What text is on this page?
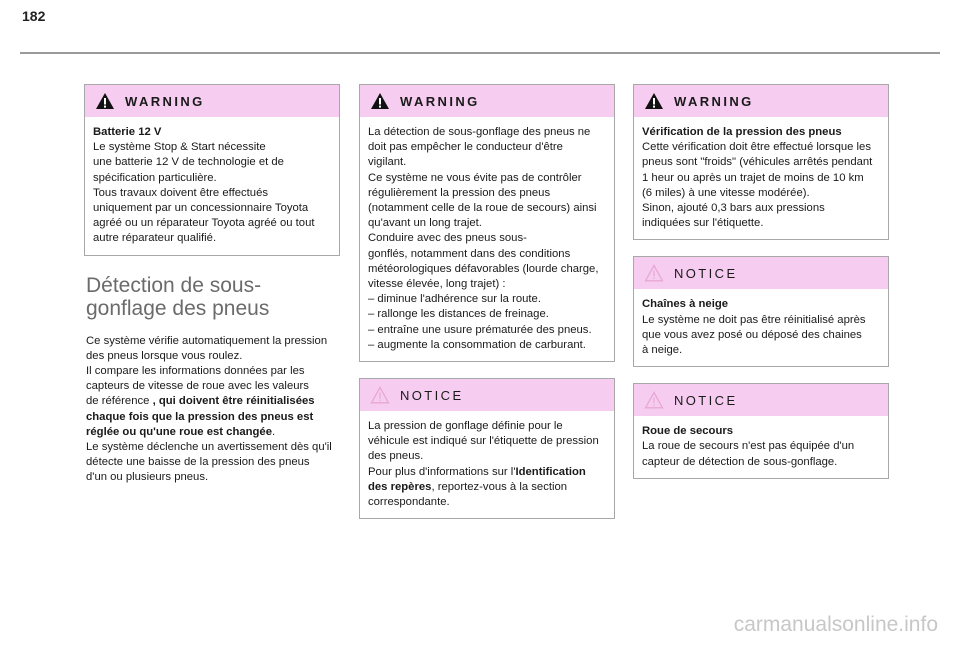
182
WARNING

Batterie 12 V

Le système Stop & Start nécessite

une batterie 12 V de technologie et de

spécification particulière.

Tous travaux doivent être effectués

uniquement par un concessionnaire Toyota

agréé ou un réparateur Toyota agréé ou tout

autre réparateur qualifié.

Détection de sous-
gonflage des pneus

Ce système vérifie automatiquement la pression

des pneus lorsque vous roulez.

Il compare les informations données par les

capteurs de vitesse de roue avec les valeurs

de référence , qui doivent être réinitialisées

chaque fois que la pression des pneus est

réglée ou qu'une roue est changée.

Le système déclenche un avertissement dès qu'il

détecte une baisse de la pression des pneus

d'un ou plusieurs pneus.

WARNING

La détection de sous-gonflage des pneus ne

doit pas empêcher le conducteur d'être

vigilant.

Ce système ne vous évite pas de contrôler

régulièrement la pression des pneus

(notamment celle de la roue de secours) ainsi

qu'avant un long trajet.

Conduire avec des pneus sous-

gonflés, notamment dans des conditions

météorologiques défavorables (lourde charge,

vitesse élevée, long trajet) :

– diminue l'adhérence sur la route.

– rallonge les distances de freinage.

– entraîne une usure prématurée des pneus.

– augmente la consommation de carburant.

NOTICE

La pression de gonflage définie pour le

véhicule est indiqué sur l'étiquette de pression

des pneus.

Pour plus d'informations sur l'Identification

des repères, reportez-vous à la section

correspondante.

WARNING

Vérification de la pression des pneus

Cette vérification doit être effectué lorsque les

pneus sont "froids" (véhicules arrêtés pendant

1 heur ou après un trajet de moins de 10 km

(6 miles) à une vitesse modérée).

Sinon, ajouté 0,3 bars aux pressions

indiquées sur l'étiquette.

NOTICE

Chaînes à neige

Le système ne doit pas être réinitialisé après

que vous avez posé ou déposé des chaines

à neige.

NOTICE

Roue de secours

La roue de secours n'est pas équipée d'un

capteur de détection de sous-gonflage.

carmanualsonline.info
